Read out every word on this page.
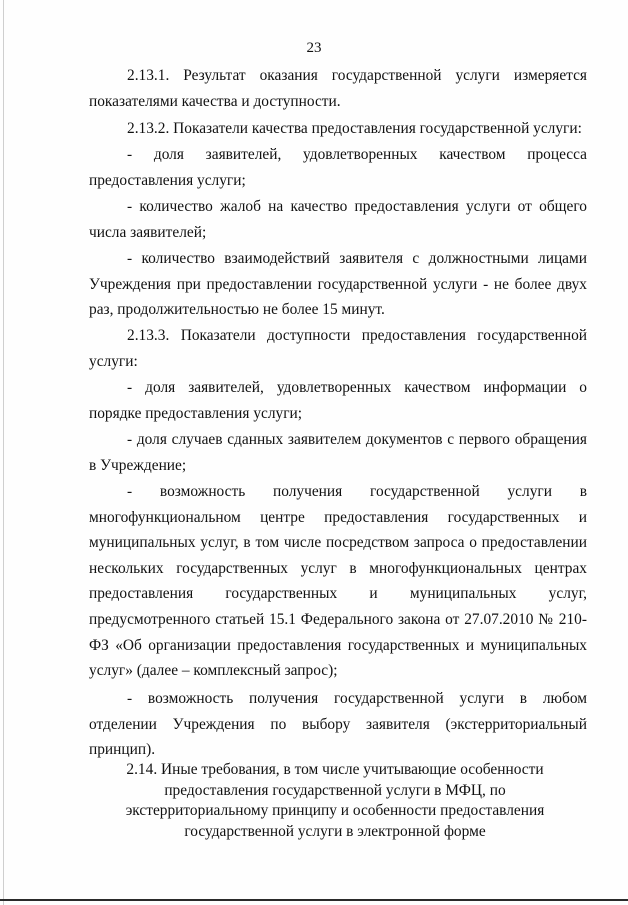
23

2.13.1. Результат оказания государственной услуги измеряется показателями качества и доступности.

2.13.2. Показатели качества предоставления государственной услуги:

- доля заявителей, удовлетворенных качеством процесса предоставления услуги;

- количество жалоб на качество предоставления услуги от общего числа заявителей;

- количество взаимодействий заявителя с должностными лицами Учреждения при предоставлении государственной услуги - не более двух раз, продолжительностью не более 15 минут.

2.13.3. Показатели доступности предоставления государственной услуги:

- доля заявителей, удовлетворенных качеством информации о порядке предоставления услуги;

- доля случаев сданных заявителем документов с первого обращения в Учреждение;

- возможность получения государственной услуги в многофункциональном центре предоставления государственных и муниципальных услуг, в том числе посредством запроса о предоставлении нескольких государственных услуг в многофункциональных центрах предоставления государственных и муниципальных услуг, предусмотренного статьей 15.1 Федерального закона от 27.07.2010 № 210-ФЗ «Об организации предоставления государственных и муниципальных услуг» (далее – комплексный запрос);

- возможность получения государственной услуги в любом отделении Учреждения по выбору заявителя (экстерриториальный принцип).

2.14. Иные требования, в том числе учитывающие особенности предоставления государственной услуги в МФЦ, по экстерриториальному принципу и особенности предоставления государственной услуги в электронной форме
